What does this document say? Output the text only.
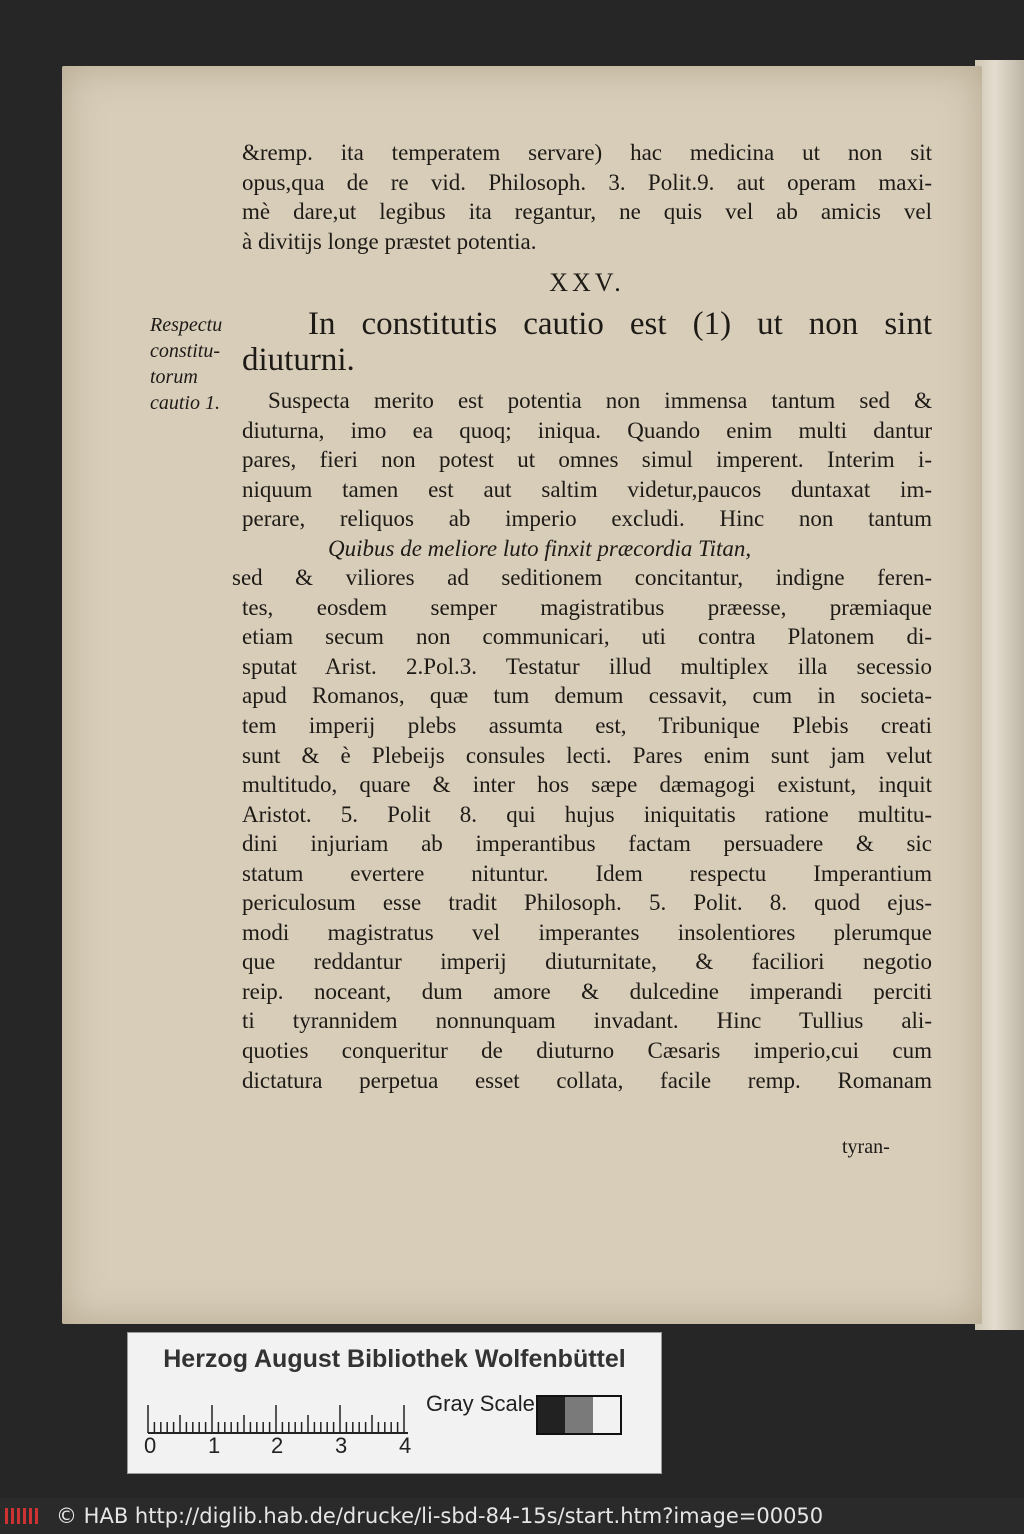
&remp. ita temperatem servare) hac medicina ut non sit
opus,qua de re vid. Philosoph. 3. Polit.9. aut operam maxi-
mè dare,ut legibus ita regantur, ne quis vel ab amicis vel
à divitijs longe præstet potentia.
XXV.
In constitutis cautio est (1) ut non sint
diuturni.
Respectu
constitu-
torum
cautio 1.	Suspecta merito est potentia non immensa tantum sed &
diuturna, imo ea quoq; iniqua. Quando enim multi dantur
pares, fieri non potest ut omnes simul imperent. Interim i-
niquum tamen est aut saltim videtur,paucos duntaxat im-
perare, reliquos ab imperio excludi. Hinc non tantum
Quibus de meliore luto finxit præcordia Titan,
sed & viliores ad seditionem concitantur, indigne feren-
tes, eosdem semper magistratibus præesse, præmiaque
etiam secum non communicari, uti contra Platonem di-
sputat Arist. 2.Pol.3. Testatur illud multiplex illa secessio
apud Romanos, quæ tum demum cessavit, cum in societa-
tem imperij plebs assumta est, Tribunique Plebis creati
sunt & è Plebeijs consules lecti. Pares enim sunt jam velut
multitudo, quare & inter hos sæpe dæmagogi existunt, inquit
Aristot. 5. Polit 8. qui hujus iniquitatis ratione multitu-
dini injuriam ab imperantibus factam persuadere & sic
statum evertere nituntur. Idem respectu Imperantium
periculosum esse tradit Philosoph. 5. Polit. 8. quod ejus-
modi magistratus vel imperantes insolentiores plerumque
que reddantur imperij diuturnitate, & faciliori negotio
reip. noceant, dum amore & dulcedine imperandi perciti
ti tyrannidem nonnunquam invadant. Hinc Tullius ali-
quoties conqueritur de diuturno Cæsaris imperio,cui cum
dictatura perpetua esset collata, facile remp. Romanam
tyran-
Herzog August Bibliothek Wolfenbüttel
0 1 2 3 4
Gray Scale
© HAB http://diglib.hab.de/drucke/li-sbd-84-15s/start.htm?image=00050
